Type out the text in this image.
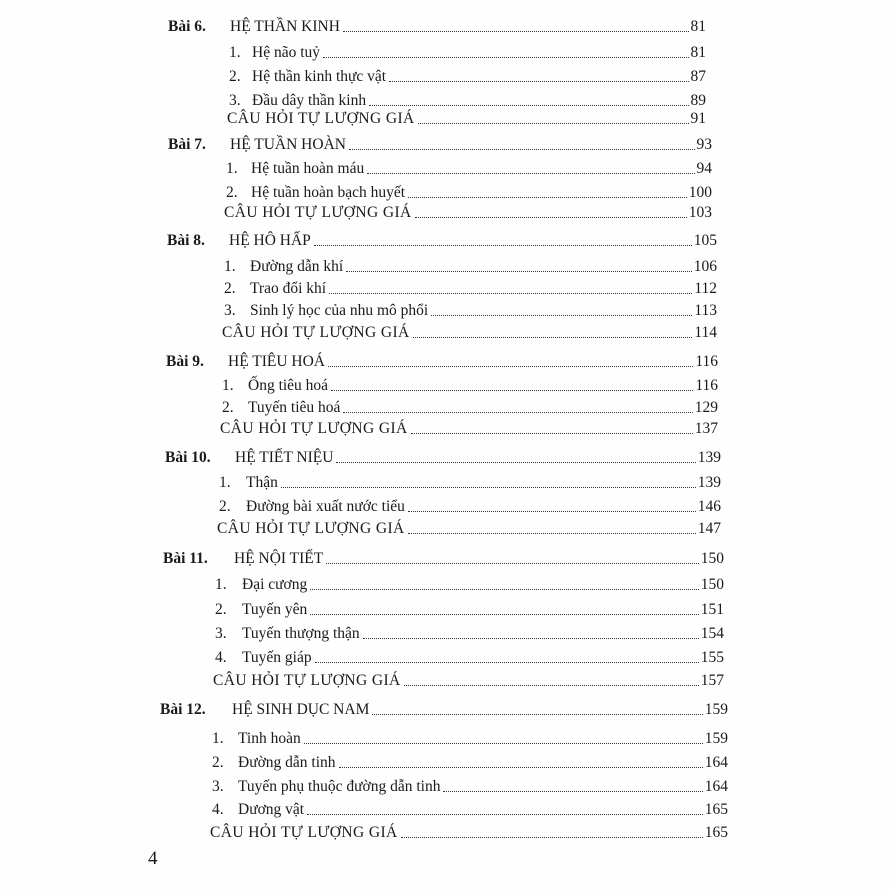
Bài 6.	HỆ THẦN KINH	81
1. Hệ não tuỷ	81
2. Hệ thần kinh thực vật	87
3. Đầu dây thần kinh	89
CÂU HỎI TỰ LƯỢNG GIÁ	91
Bài 7.	HỆ TUẦN HOÀN	93
1. Hệ tuần hoàn máu	94
2. Hệ tuần hoàn bạch huyết	100
CÂU HỎI TỰ LƯỢNG GIÁ	103
Bài 8.	HỆ HÔ HẤP	105
1. Đường dẫn khí	106
2. Trao đổi khí	112
3. Sinh lý học của nhu mô phổi	113
CÂU HỎI TỰ LƯỢNG GIÁ	114
Bài 9.	HỆ TIÊU HOÁ	116
1. Ống tiêu hoá	116
2. Tuyến tiêu hoá	129
CÂU HỎI TỰ LƯỢNG GIÁ	137
Bài 10.	HỆ TIẾT NIỆU	139
1. Thận	139
2. Đường bài xuất nước tiểu	146
CÂU HỎI TỰ LƯỢNG GIÁ	147
Bài 11.	HỆ NỘI TIẾT	150
1. Đại cương	150
2. Tuyến yên	151
3. Tuyến thượng thận	154
4. Tuyến giáp	155
CÂU HỎI TỰ LƯỢNG GIÁ	157
Bài 12.	HỆ SINH DỤC NAM	159
1. Tinh hoàn	159
2. Đường dẫn tinh	164
3. Tuyến phụ thuộc đường dẫn tinh	164
4. Dương vật	165
CÂU HỎI TỰ LƯỢNG GIÁ	165
4
